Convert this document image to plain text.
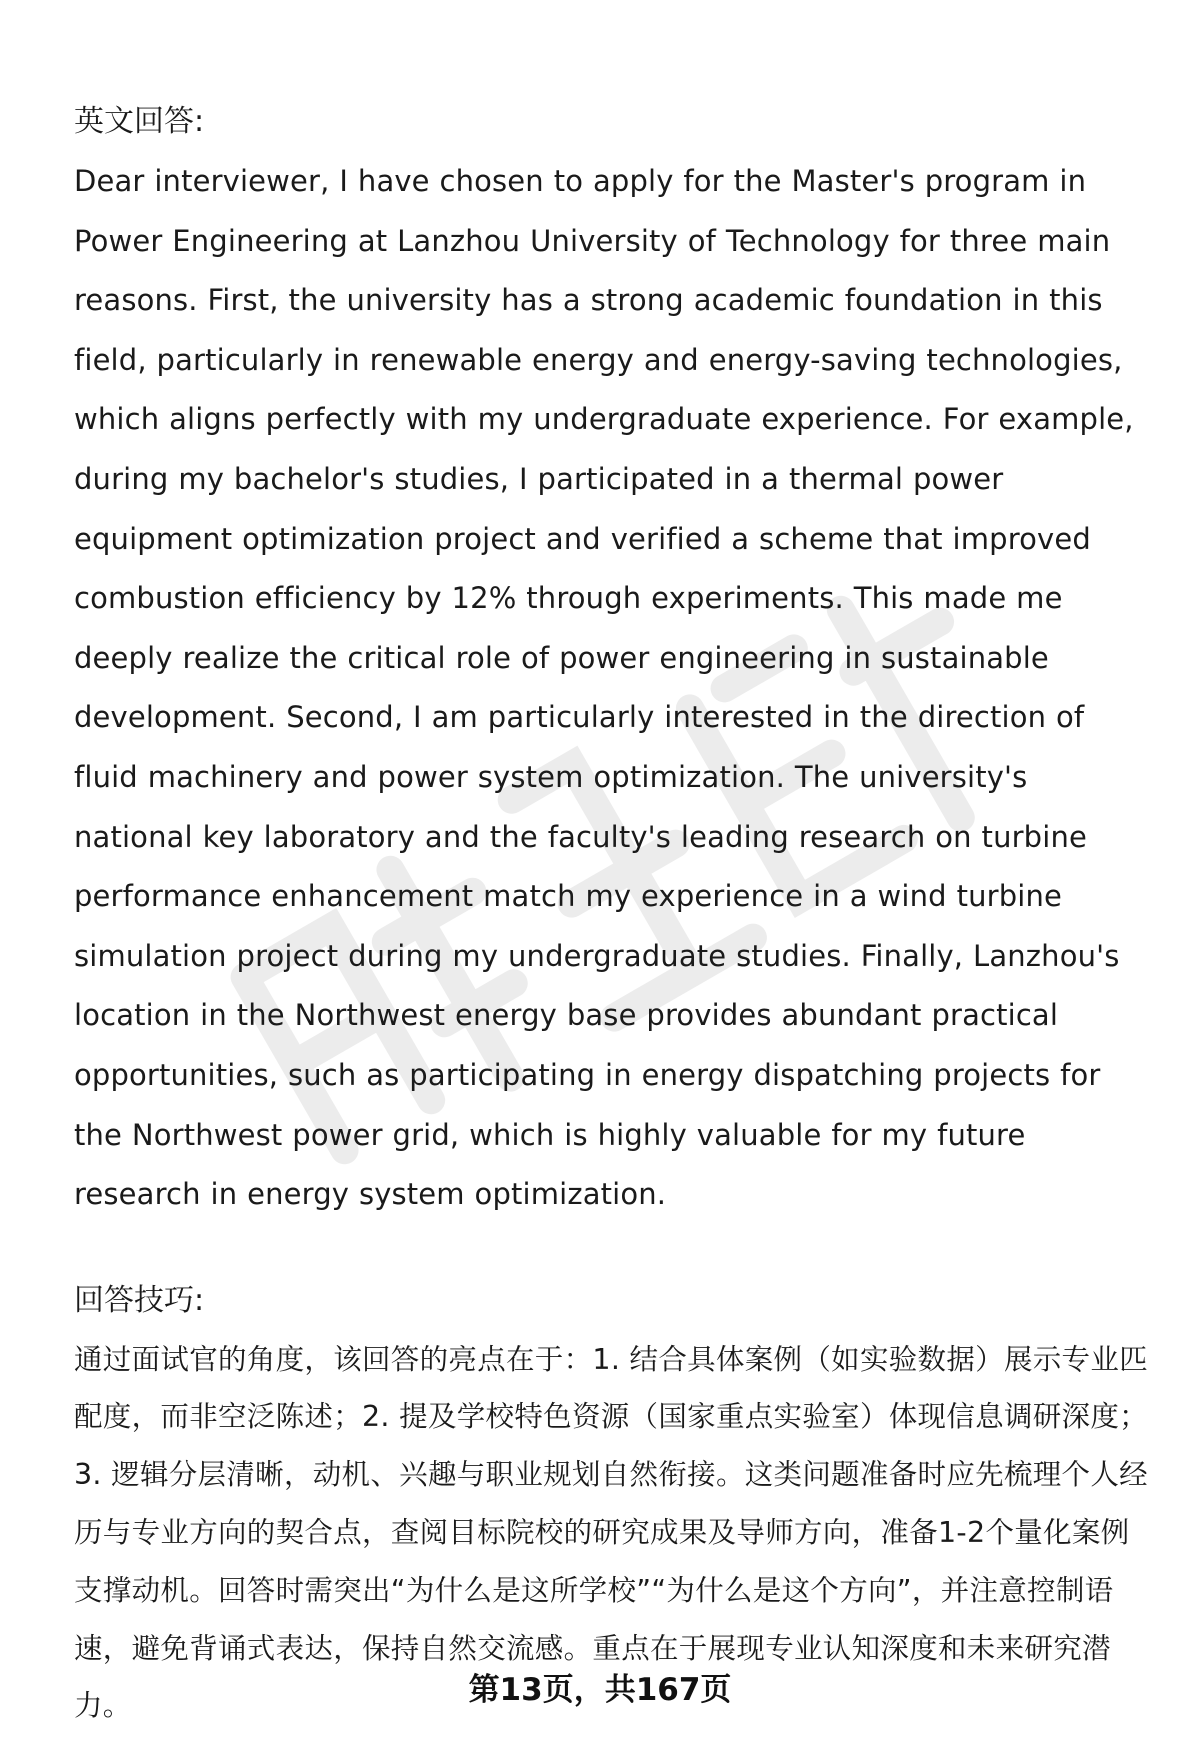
英文回答:

Dear interviewer, I have chosen to apply for the Master's program in Power Engineering at Lanzhou University of Technology for three main reasons. First, the university has a strong academic foundation in this field, particularly in renewable energy and energy-saving technologies, which aligns perfectly with my undergraduate experience. For example, during my bachelor's studies, I participated in a thermal power equipment optimization project and verified a scheme that improved combustion efficiency by 12% through experiments. This made me deeply realize the critical role of power engineering in sustainable development. Second, I am particularly interested in the direction of fluid machinery and power system optimization. The university's national key laboratory and the faculty's leading research on turbine performance enhancement match my experience in a wind turbine simulation project during my undergraduate studies. Finally, Lanzhou's location in the Northwest energy base provides abundant practical opportunities, such as participating in energy dispatching projects for the Northwest power grid, which is highly valuable for my future research in energy system optimization.

回答技巧:

通过面试官的角度，该回答的亮点在于：1. 结合具体案例（如实验数据）展示专业匹配度，而非空泛陈述；2. 提及学校特色资源（国家重点实验室）体现信息调研深度；3. 逻辑分层清晰，动机、兴趣与职业规划自然衔接。这类问题准备时应先梳理个人经历与专业方向的契合点，查阅目标院校的研究成果及导师方向，准备1-2个量化案例支撑动机。回答时需突出“为什么是这所学校”“为什么是这个方向”，并注意控制语速，避免背诵式表达，保持自然交流感。重点在于展现专业认知深度和未来研究潜力。	第13页，共167页
